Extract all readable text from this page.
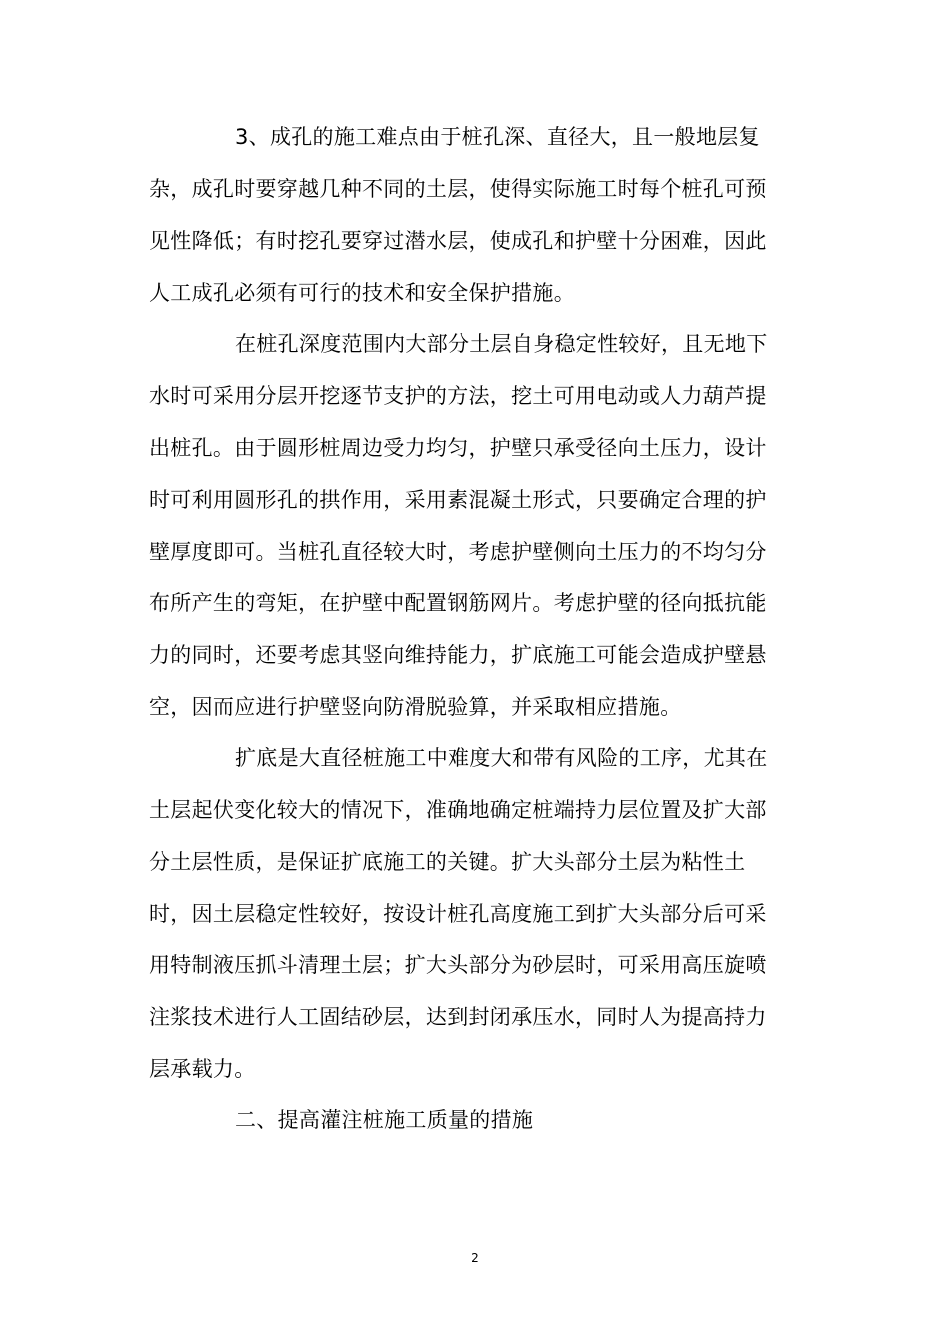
3、成孔的施工难点由于桩孔深、直径大，且一般地层复
杂，成孔时要穿越几种不同的土层，使得实际施工时每个桩孔可预
见性降低；有时挖孔要穿过潜水层，使成孔和护壁十分困难，因此
人工成孔必须有可行的技术和安全保护措施。
在桩孔深度范围内大部分土层自身稳定性较好，且无地下
水时可采用分层开挖逐节支护的方法，挖土可用电动或人力葫芦提
出桩孔。由于圆形桩周边受力均匀，护壁只承受径向土压力，设计
时可利用圆形孔的拱作用，采用素混凝土形式，只要确定合理的护
壁厚度即可。当桩孔直径较大时，考虑护壁侧向土压力的不均匀分
布所产生的弯矩，在护壁中配置钢筋网片。考虑护壁的径向抵抗能
力的同时，还要考虑其竖向维持能力，扩底施工可能会造成护壁悬
空，因而应进行护壁竖向防滑脱验算，并采取相应措施。
扩底是大直径桩施工中难度大和带有风险的工序，尤其在
土层起伏变化较大的情况下，准确地确定桩端持力层位置及扩大部
分土层性质，是保证扩底施工的关键。扩大头部分土层为粘性土
时，因土层稳定性较好，按设计桩孔高度施工到扩大头部分后可采
用特制液压抓斗清理土层；扩大头部分为砂层时，可采用高压旋喷
注浆技术进行人工固结砂层，达到封闭承压水，同时人为提高持力
层承载力。
二、提高灌注桩施工质量的措施
2
